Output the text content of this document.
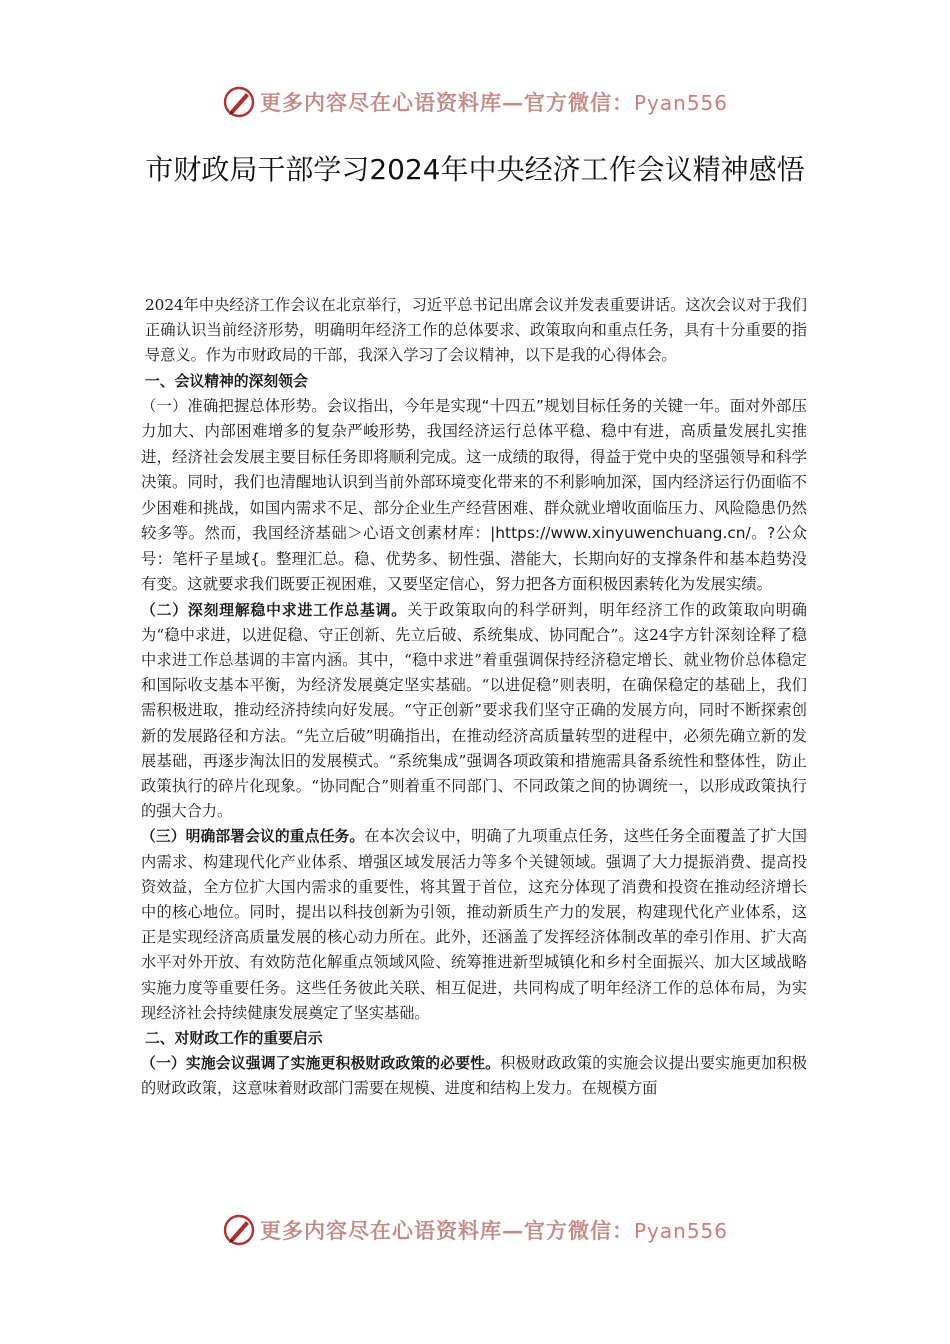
更多内容尽在心语资料库—官方微信：Pyan556
市财政局干部学习2024年中央经济工作会议精神感悟

2024年中央经济工作会议在北京举行，习近平总书记出席会议并发表重要讲话。这次会议对于我们正确认识当前经济形势，明确明年经济工作的总体要求、政策取向和重点任务，具有十分重要的指导意义。作为市财政局的干部，我深入学习了会议精神，以下是我的心得体会。

一、会议精神的深刻领会

（一）准确把握总体形势。会议指出，今年是实现“十四五”规划目标任务的关键一年。面对外部压力加大、内部困难增多的复杂严峻形势，我国经济运行总体平稳、稳中有进，高质量发展扎实推进，经济社会发展主要目标任务即将顺利完成。这一成绩的取得，得益于党中央的坚强领导和科学决策。同时，我们也清醒地认识到当前外部环境变化带来的不利影响加深，国内经济运行仍面临不少困难和挑战，如国内需求不足、部分企业生产经营困难、群众就业增收面临压力、风险隐患仍然较多等。然而，我国经济基础＞心语文创素材库：|https://www.xinyuwenchuang.cn/。?公众号：笔杆子星域{。整理汇总。稳、优势多、韧性强、潜能大，长期向好的支撑条件和基本趋势没有变。这就要求我们既要正视困难，又要坚定信心，努力把各方面积极因素转化为发展实绩。

（二）深刻理解稳中求进工作总基调。关于政策取向的科学研判，明年经济工作的政策取向明确为“稳中求进，以进促稳、守正创新、先立后破、系统集成、协同配合”。这24字方针深刻诠释了稳中求进工作总基调的丰富内涵。其中，“稳中求进”着重强调保持经济稳定增长、就业物价总体稳定和国际收支基本平衡，为经济发展奠定坚实基础。“以进促稳”则表明，在确保稳定的基础上，我们需积极进取，推动经济持续向好发展。“守正创新”要求我们坚守正确的发展方向，同时不断探索创新的发展路径和方法。“先立后破”明确指出，在推动经济高质量转型的进程中，必须先确立新的发展基础，再逐步淘汰旧的发展模式。“系统集成”强调各项政策和措施需具备系统性和整体性，防止政策执行的碎片化现象。“协同配合”则着重不同部门、不同政策之间的协调统一，以形成政策执行的强大合力。

（三）明确部署会议的重点任务。在本次会议中，明确了九项重点任务，这些任务全面覆盖了扩大国内需求、构建现代化产业体系、增强区域发展活力等多个关键领域。强调了大力提振消费、提高投资效益，全方位扩大国内需求的重要性，将其置于首位，这充分体现了消费和投资在推动经济增长中的核心地位。同时，提出以科技创新为引领，推动新质生产力的发展，构建现代化产业体系，这正是实现经济高质量发展的核心动力所在。此外，还涵盖了发挥经济体制改革的牵引作用、扩大高水平对外开放、有效防范化解重点领域风险、统筹推进新型城镇化和乡村全面振兴、加大区域战略实施力度等重要任务。这些任务彼此关联、相互促进，共同构成了明年经济工作的总体布局，为实现经济社会持续健康发展奠定了坚实基础。

二、对财政工作的重要启示

（一）实施会议强调了实施更积极财政政策的必要性。积极财政政策的实施会议提出要实施更加积极的财政政策，这意味着财政部门需要在规模、进度和结构上发力。在规模方面

更多内容尽在心语资料库—官方微信：Pyan556
